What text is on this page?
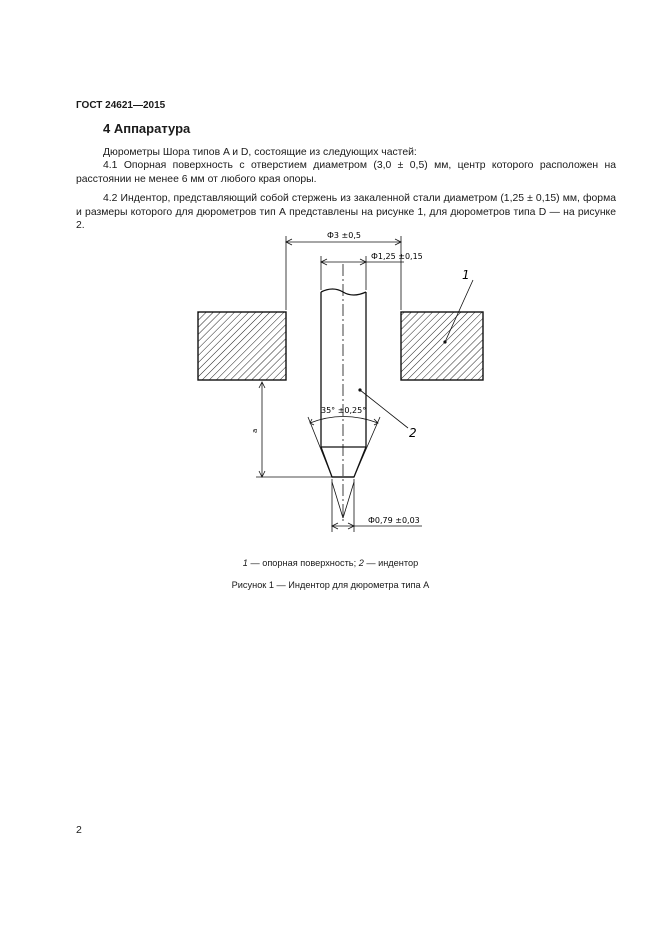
ГОСТ 24621—2015
4 Аппаратура

Дюрометры Шора типов A и D, состоящие из следующих частей:

4.1 Опорная поверхность с отверстием диаметром (3,0 ± 0,5) мм, центр которого расположен на расстоянии не менее 6 мм от любого края опоры.

4.2 Индентор, представляющий собой стержень из закаленной стали диаметром (1,25 ± 0,15) мм, форма и размеры которого для дюрометров тип А представлены на рисунке 1, для дюрометров типа D — на рисунке 2.

Ф3 ±0,5
Ф1,25 ±0,15
35° ±0,25°
a
Ф0,79 ±0,03
1
2
1 — опорная поверхность; 2 — индентор
Рисунок 1 — Индентор для дюрометра типа А
2
